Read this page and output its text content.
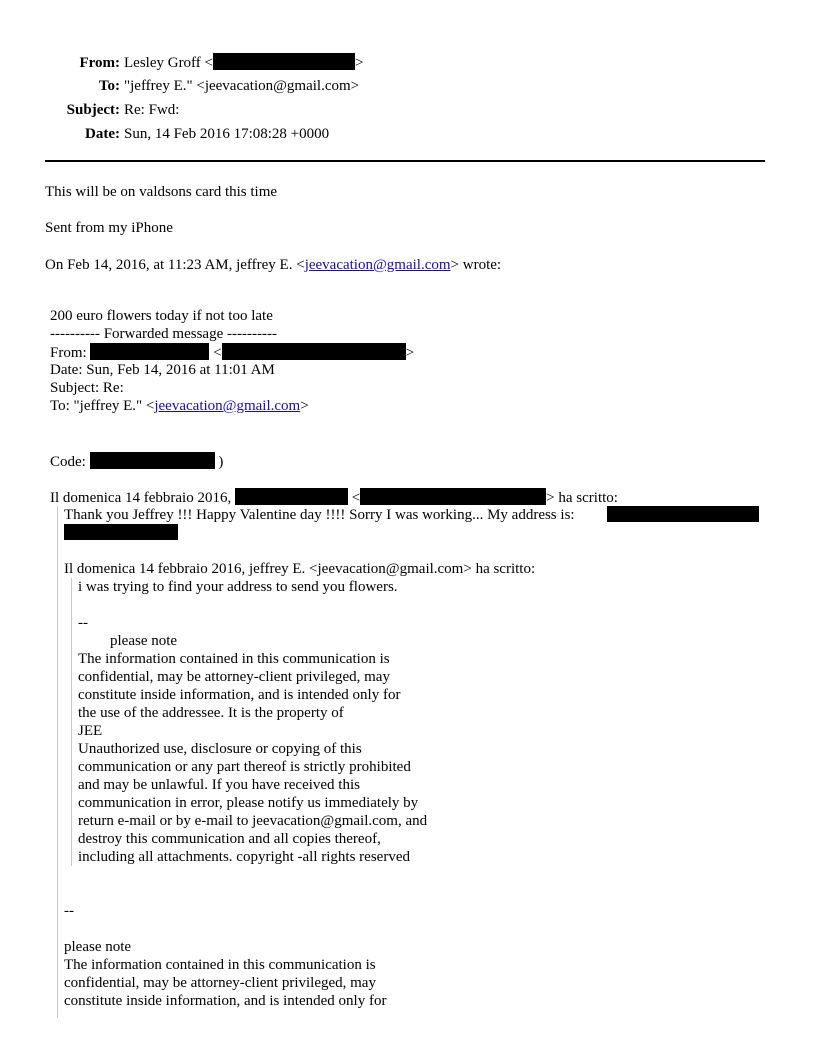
From: Lesley Groff <	>
To: "jeffrey E." <jeevacation@gmail.com>
Subject: Re: Fwd:
Date: Sun, 14 Feb 2016 17:08:28 +0000
This will be on valdsons card this time
Sent from my iPhone
On Feb 14, 2016, at 11:23 AM, jeffrey E. <jeevacation@gmail.com> wrote:
200 euro flowers today if not too late
---------- Forwarded message ----------
From:	<	>
Date: Sun, Feb 14, 2016 at 11:01 AM
Subject: Re:
To: "jeffrey E." <jeevacation@gmail.com>
Code:	)
Il domenica 14 febbraio 2016,	<	> ha scritto:
Thank you Jeffrey !!! Happy Valentine day !!!! Sorry I was working... My address is:
Il domenica 14 febbraio 2016, jeffrey E. <jeevacation@gmail.com> ha scritto:
i was trying to find your address to send you flowers.
--
please note
The information contained in this communication is
confidential, may be attorney-client privileged, may
constitute inside information, and is intended only for
the use of the addressee. It is the property of
JEE
Unauthorized use, disclosure or copying of this
communication or any part thereof is strictly prohibited
and may be unlawful. If you have received this
communication in error, please notify us immediately by
return e-mail or by e-mail to jeevacation@gmail.com, and
destroy this communication and all copies thereof,
including all attachments. copyright -all rights reserved
--
please note
The information contained in this communication is
confidential, may be attorney-client privileged, may
constitute inside information, and is intended only for
